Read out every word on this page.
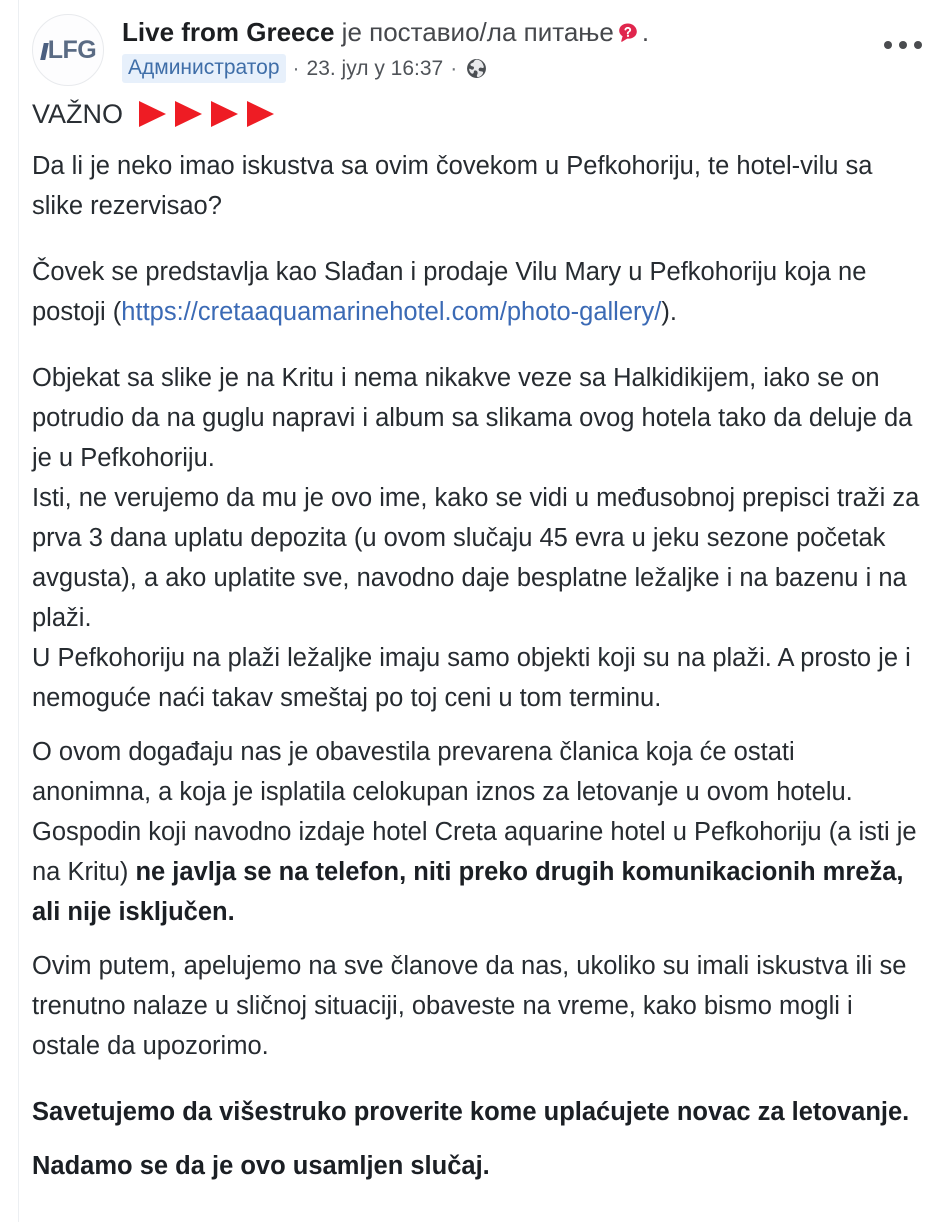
LFG
Live from Greece је поставио/ла питање .
Администратор · 23. јул у 16:37 ·
VAŽNO

Da li je neko imao iskustva sa ovim čovekom u Pefkohoriju, te hotel-vilu sa slike rezervisao?

Čovek se predstavlja kao Slađan i prodaje Vilu Mary u Pefkohoriju koja ne postoji (https://cretaaquamarinehotel.com/photo-gallery/).

Objekat sa slike je na Kritu i nema nikakve veze sa Halkidikijem, iako se on potrudio da na guglu napravi i album sa slikama ovog hotela tako da deluje da je u Pefkohoriju.

Isti, ne verujemo da mu je ovo ime, kako se vidi u međusobnoj prepisci traži za prva 3 dana uplatu depozita (u ovom slučaju 45 evra u jeku sezone početak avgusta), a ako uplatite sve, navodno daje besplatne ležaljke i na bazenu i na plaži.

U Pefkohoriju na plaži ležaljke imaju samo objekti koji su na plaži. A prosto je i nemoguće naći takav smeštaj po toj ceni u tom terminu.

O ovom događaju nas je obavestila prevarena članica koja će ostati anonimna, a koja je isplatila celokupan iznos za letovanje u ovom hotelu.

Gospodin koji navodno izdaje hotel Creta aquarine hotel u Pefkohoriju (a isti je na Kritu) ne javlja se na telefon, niti preko drugih komunikacionih mreža, ali nije isključen.

Ovim putem, apelujemo na sve članove da nas, ukoliko su imali iskustva ili se trenutno nalaze u sličnoj situaciji, obaveste na vreme, kako bismo mogli i ostale da upozorimo.

Savetujemo da višestruko proverite kome uplaćujete novac za letovanje.

Nadamo se da je ovo usamljen slučaj.
